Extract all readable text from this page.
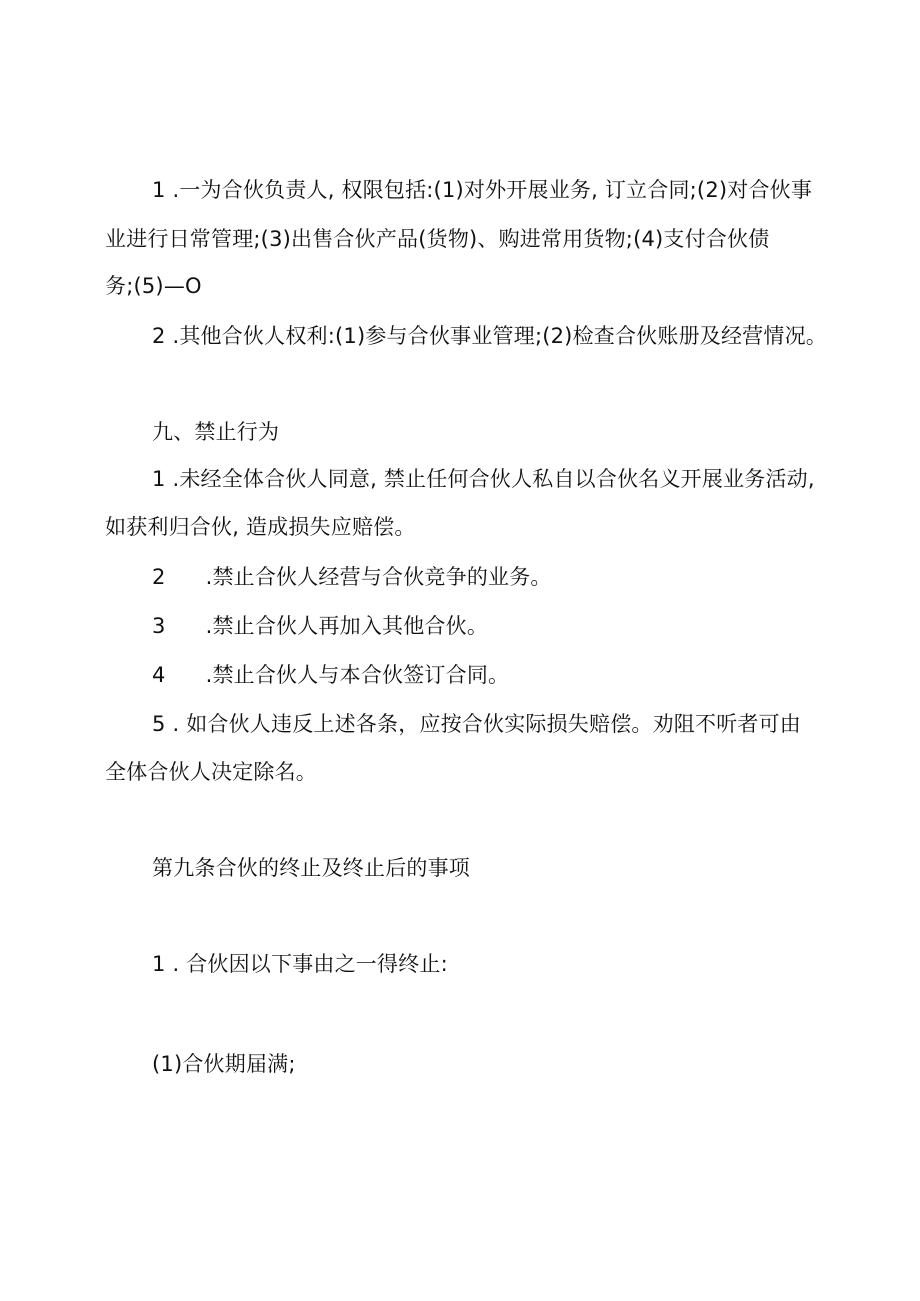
1 .一为合伙负责人, 权限包括:(1)对外开展业务, 订立合同;(2)对合伙事
业进行日常管理;(3)出售合伙产品(货物)、购进常用货物;(4)支付合伙债
务;(5)—O
2 .其他合伙人权利:(1)参与合伙事业管理;(2)检查合伙账册及经营情况。
九、禁止行为
1 .未经全体合伙人同意, 禁止任何合伙人私自以合伙名义开展业务活动,
如获利归合伙, 造成损失应赔偿。
2 .禁止合伙人经营与合伙竞争的业务。
3 .禁止合伙人再加入其他合伙。
4 .禁止合伙人与本合伙签订合同。
5 . 如合伙人违反上述各条，应按合伙实际损失赔偿。劝阻不听者可由
全体合伙人决定除名。
第九条合伙的终止及终止后的事项
1 . 合伙因以下事由之一得终止:
(1)合伙期届满;
